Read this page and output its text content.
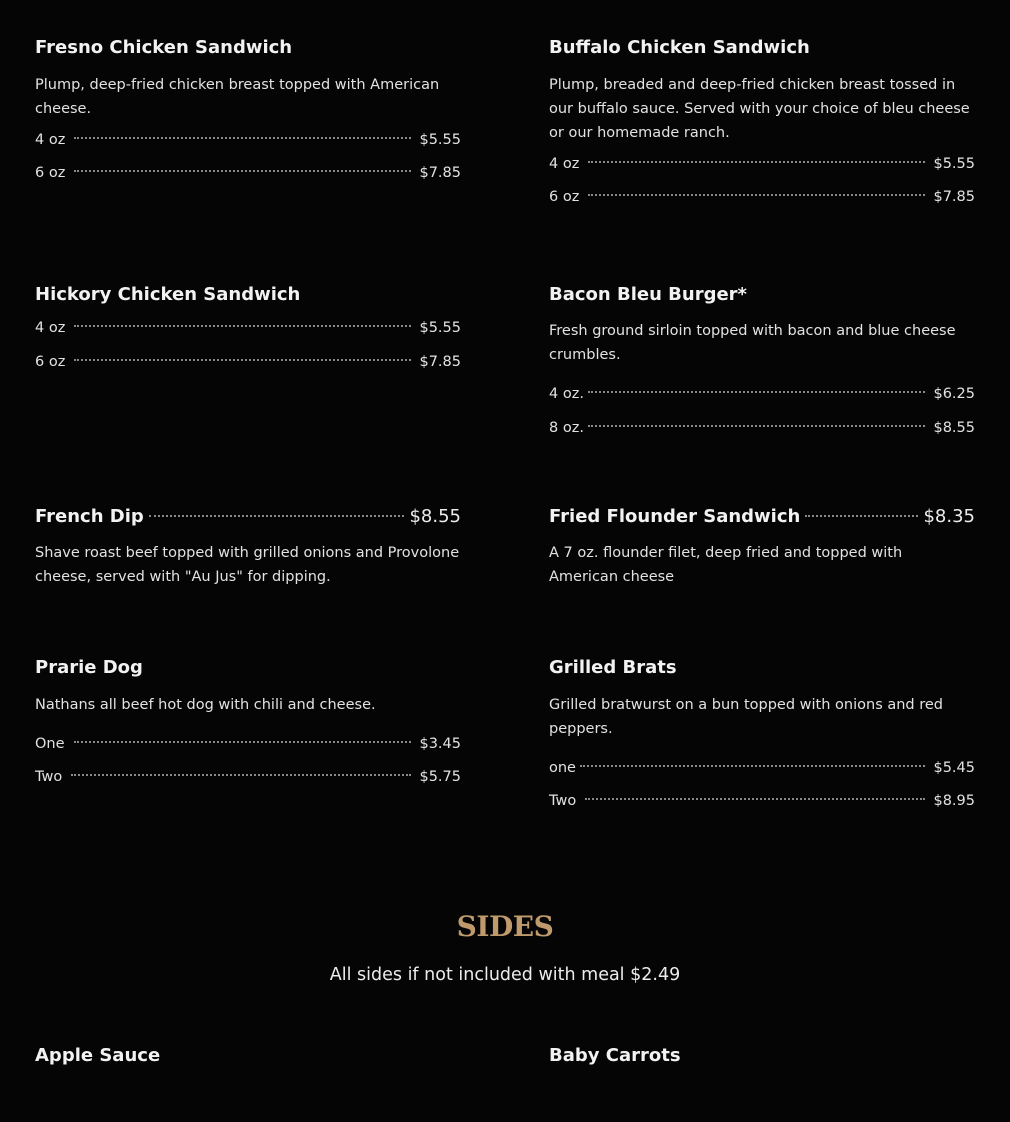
Fresno Chicken Sandwich

Plump, deep-fried chicken breast topped with American cheese.

4 oz	$5.55
6 oz	$7.85
Buffalo Chicken Sandwich

Plump, breaded and deep-fried chicken breast tossed in our buffalo sauce. Served with your choice of bleu cheese or our homemade ranch.

4 oz	$5.55
6 oz	$7.85
Hickory Chicken Sandwich
4 oz	$5.55
6 oz	$7.85
Bacon Bleu Burger*

Fresh ground sirloin topped with bacon and blue cheese crumbles.

4 oz.	$6.25
8 oz.	$8.55
French Dip	$8.55

Shave roast beef topped with grilled onions and Provolone cheese, served with "Au Jus" for dipping.

Fried Flounder Sandwich	$8.35

A 7 oz. flounder filet, deep fried and topped with American cheese

Prarie Dog

Nathans all beef hot dog with chili and cheese.

One	$3.45
Two	$5.75
Grilled Brats

Grilled bratwurst on a bun topped with onions and red peppers.

one	$5.45
Two	$8.95
SIDES

All sides if not included with meal $2.49

Apple Sauce	Baby Carrots
